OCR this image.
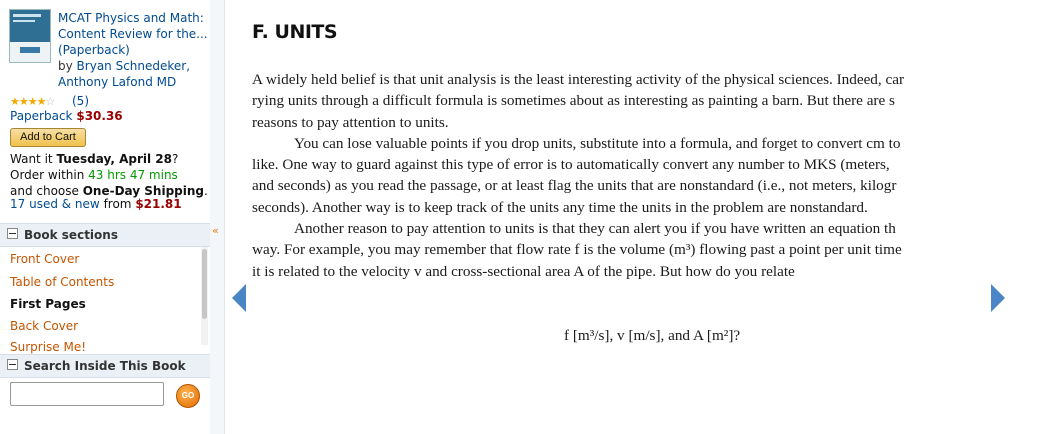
MCAT Physics and Math: Content Review for the... (Paperback)
by Bryan Schnedeker, Anthony Lafond MD
★★★★☆ (5)
Paperback $30.36
Add to Cart
Want it Tuesday, April 28? Order within 43 hrs 47 mins
and choose One-Day Shipping.
17 used & new from $21.81
Book sections
Front Cover
Table of Contents
First Pages
Back Cover
Surprise Me!
Search Inside This Book
GO
«
F. UNITS
A widely held belief is that unit analysis is the least interesting activity of the physical sciences. Indeed, car
rying units through a difficult formula is sometimes about as interesting as painting a barn. But there are s
reasons to pay attention to units.
You can lose valuable points if you drop units, substitute into a formula, and forget to convert cm to
like. One way to guard against this type of error is to automatically convert any number to MKS (meters,
and seconds) as you read the passage, or at least flag the units that are nonstandard (i.e., not meters, kilogr
seconds). Another way is to keep track of the units any time the units in the problem are nonstandard.
Another reason to pay attention to units is that they can alert you if you have written an equation th
way. For example, you may remember that flow rate f is the volume (m³) flowing past a point per unit time
it is related to the velocity v and cross-sectional area A of the pipe. But how do you relate
f [m³/s], v [m/s], and A [m²]?
